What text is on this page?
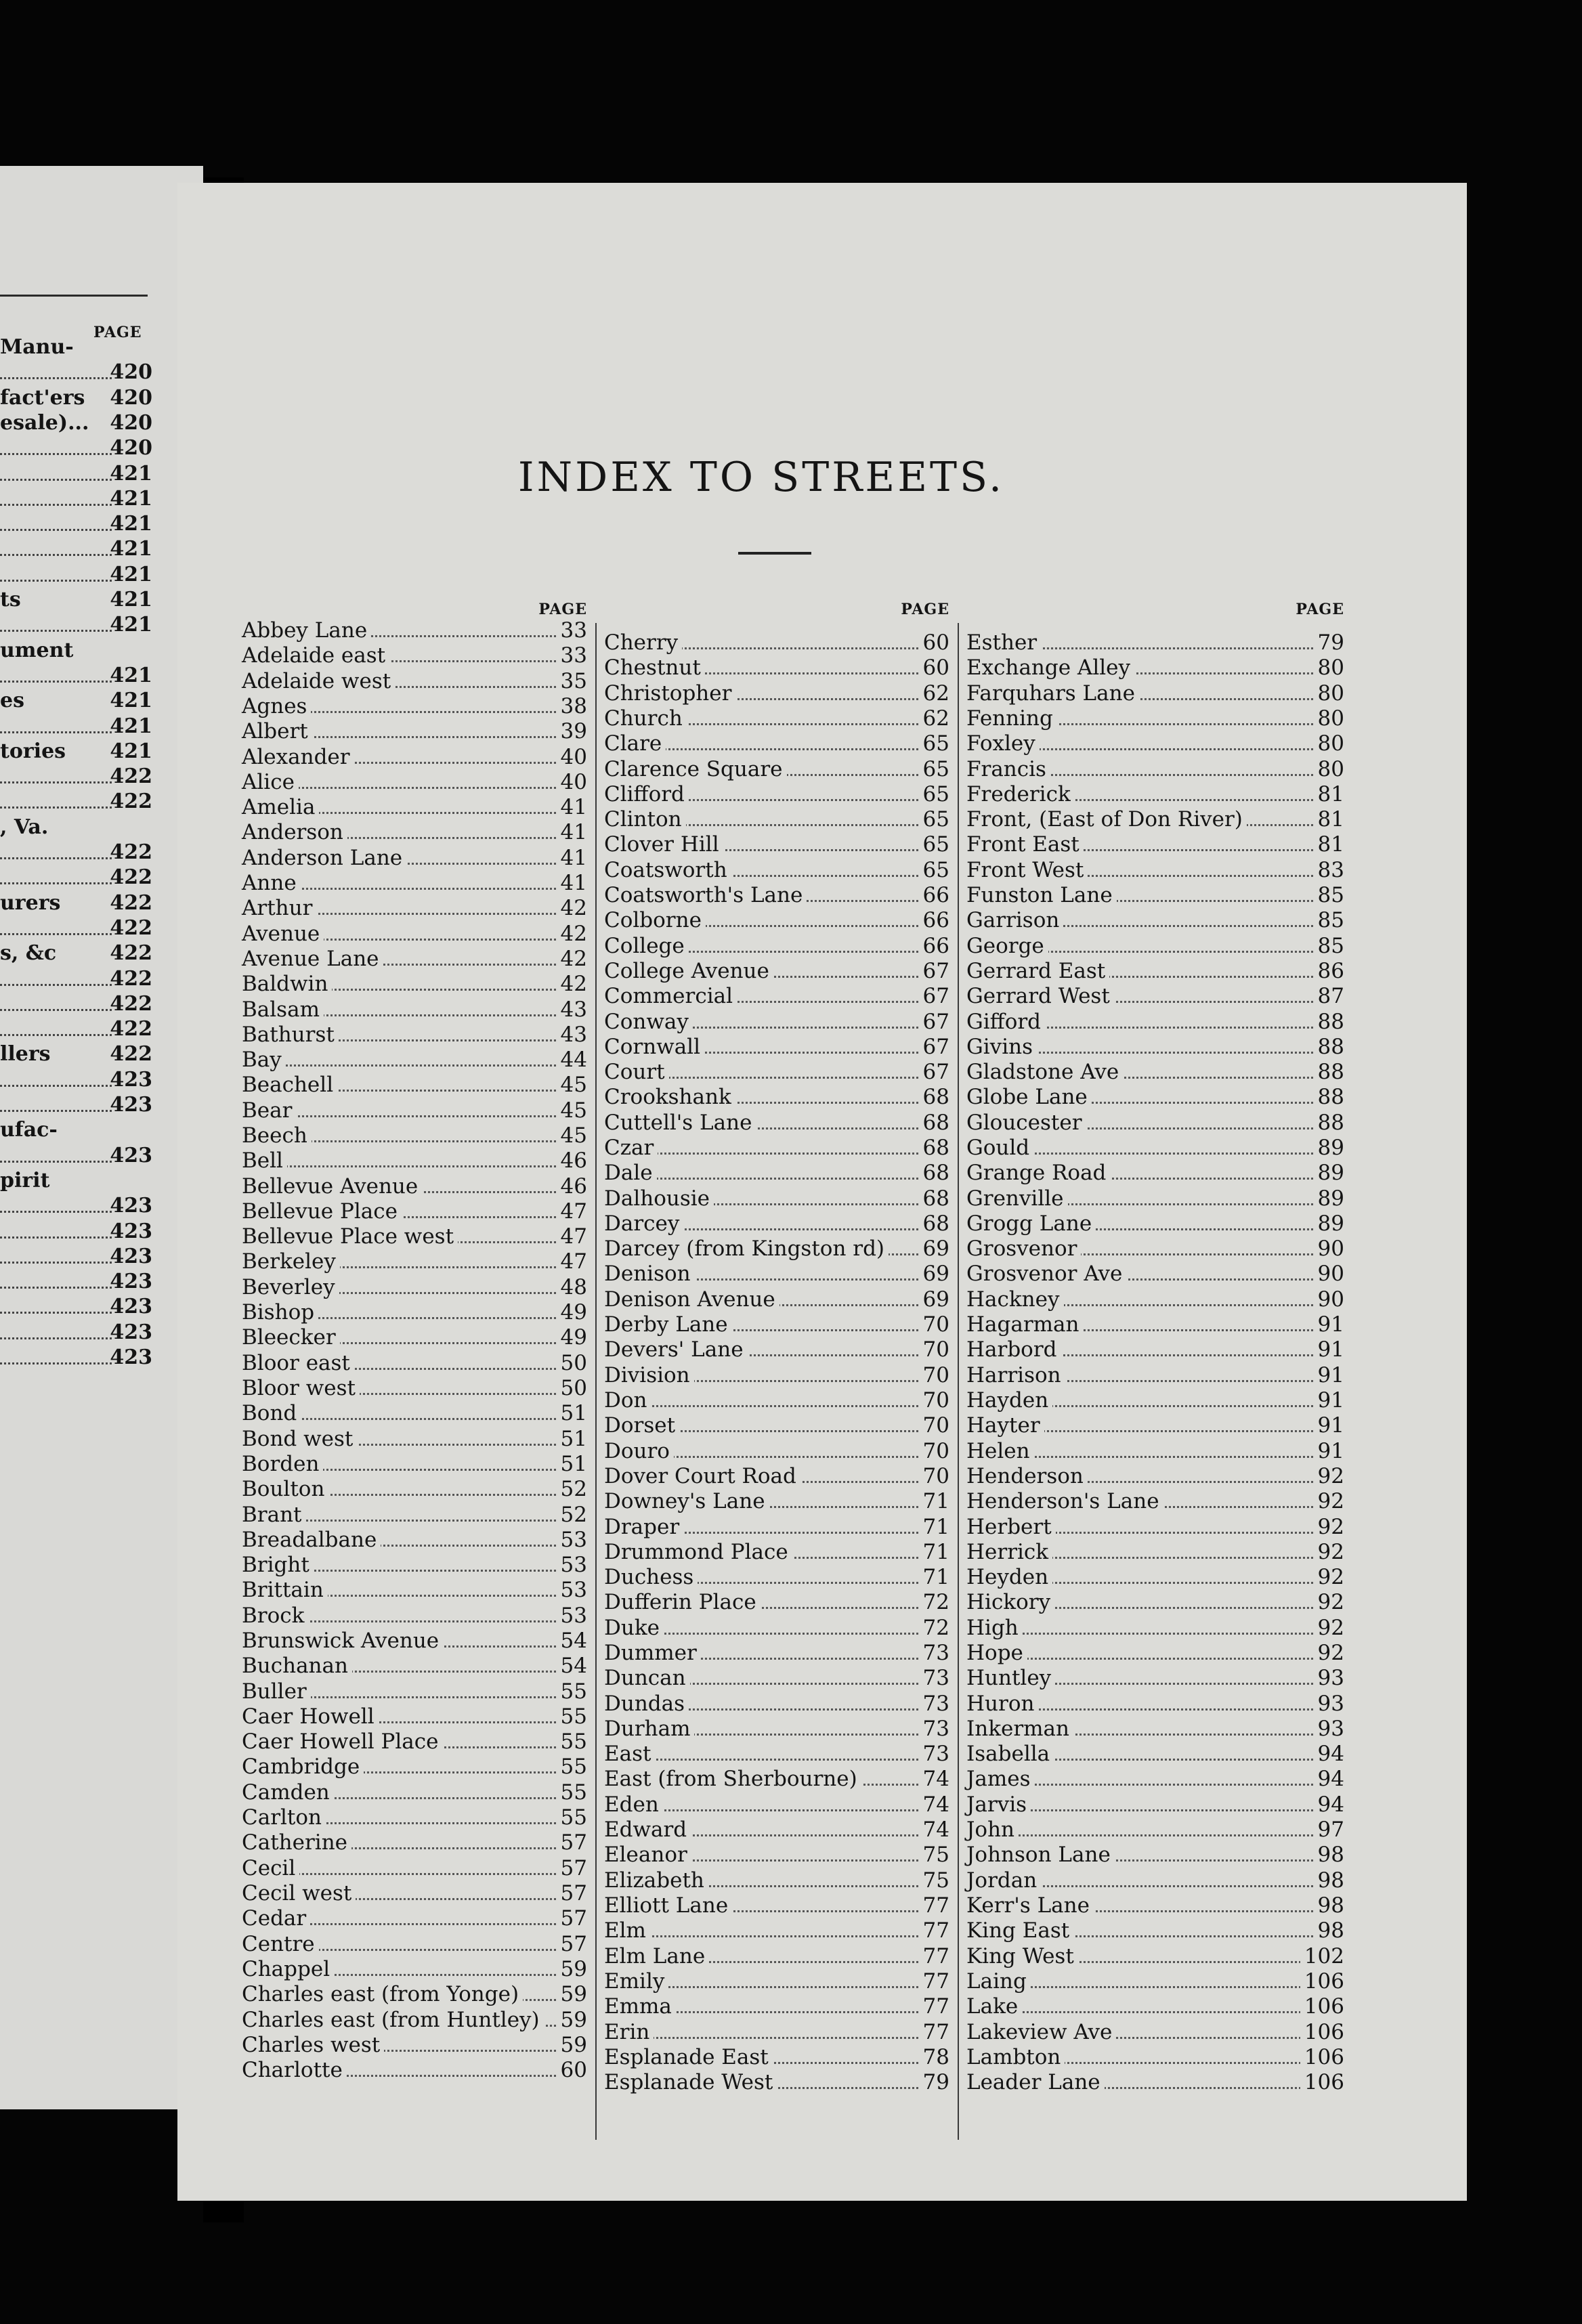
PAGE
Manu-
420
fact'ers 420
esale)... 420
420
421
421
421
421
421
ts	421
421
ument
421
es	421
421
tories 421
422
422
, Va.
422
422
urers 422
422
s, &c	422
422
422
422
llers	422
423
423
ufac-
423
pirit
423
423
423
423
423
423
423
INDEX TO STREETS.
PAGE
Abbey Lane	33
Adelaide east	33
Adelaide west	35
Agnes	38
Albert	39
Alexander	40
Alice	40
Amelia	41
Anderson	41
Anderson Lane	41
Anne	41
Arthur	42
Avenue	42
Avenue Lane	42
Baldwin	42
Balsam	43
Bathurst	43
Bay	44
Beachell	45
Bear	45
Beech	45
Bell	46
Bellevue Avenue	46
Bellevue Place	47
Bellevue Place west	47
Berkeley	47
Beverley	48
Bishop	49
Bleecker	49
Bloor east	50
Bloor west	50
Bond	51
Bond west	51
Borden	51
Boulton	52
Brant	52
Breadalbane	53
Bright	53
Brittain	53
Brock	53
Brunswick Avenue	54
Buchanan	54
Buller	55
Caer Howell	55
Caer Howell Place	55
Cambridge	55
Camden	55
Carlton	55
Catherine	57
Cecil	57
Cecil west	57
Cedar	57
Centre	57
Chappel	59
Charles east (from Yonge) 59
Charles east (from Huntley) 59
Charles west	59
Charlotte	60
PAGE
Cherry	60
Chestnut	60
Christopher	62
Church	62
Clare	65
Clarence Square	65
Clifford	65
Clinton	65
Clover Hill	65
Coatsworth	65
Coatsworth's Lane	66
Colborne	66
College	66
College Avenue	67
Commercial	67
Conway	67
Cornwall	67
Court	67
Crookshank	68
Cuttell's Lane	68
Czar	68
Dale	68
Dalhousie	68
Darcey	68
Darcey (from Kingston rd) 69
Denison	69
Denison Avenue	69
Derby Lane	70
Devers' Lane	70
Division	70
Don	70
Dorset	70
Douro	70
Dover Court Road	70
Downey's Lane	71
Draper	71
Drummond Place	71
Duchess	71
Dufferin Place	72
Duke	72
Dummer	73
Duncan	73
Dundas	73
Durham	73
East	73
East (from Sherbourne)	74
Eden	74
Edward	74
Eleanor	75
Elizabeth	75
Elliott Lane	77
Elm	77
Elm Lane	77
Emily	77
Emma	77
Erin	77
Esplanade East	78
Esplanade West	79
PAGE
Esther	79
Exchange Alley	80
Farquhars Lane	80
Fenning	80
Foxley	80
Francis	80
Frederick	81
Front, (East of Don River)	81
Front East	81
Front West	83
Funston Lane	85
Garrison	85
George	85
Gerrard East	86
Gerrard West	87
Gifford	88
Givins	88
Gladstone Ave	88
Globe Lane	88
Gloucester	88
Gould	89
Grange Road	89
Grenville	89
Grogg Lane	89
Grosvenor	90
Grosvenor Ave	90
Hackney	90
Hagarman	91
Harbord	91
Harrison	91
Hayden	91
Hayter	91
Helen	91
Henderson	92
Henderson's Lane	92
Herbert	92
Herrick	92
Heyden	92
Hickory	92
High	92
Hope	92
Huntley	93
Huron	93
Inkerman	93
Isabella	94
James	94
Jarvis	94
John	97
Johnson Lane	98
Jordan	98
Kerr's Lane	98
King East	98
King West	102
Laing	106
Lake	106
Lakeview Ave	106
Lambton	106
Leader Lane	106
